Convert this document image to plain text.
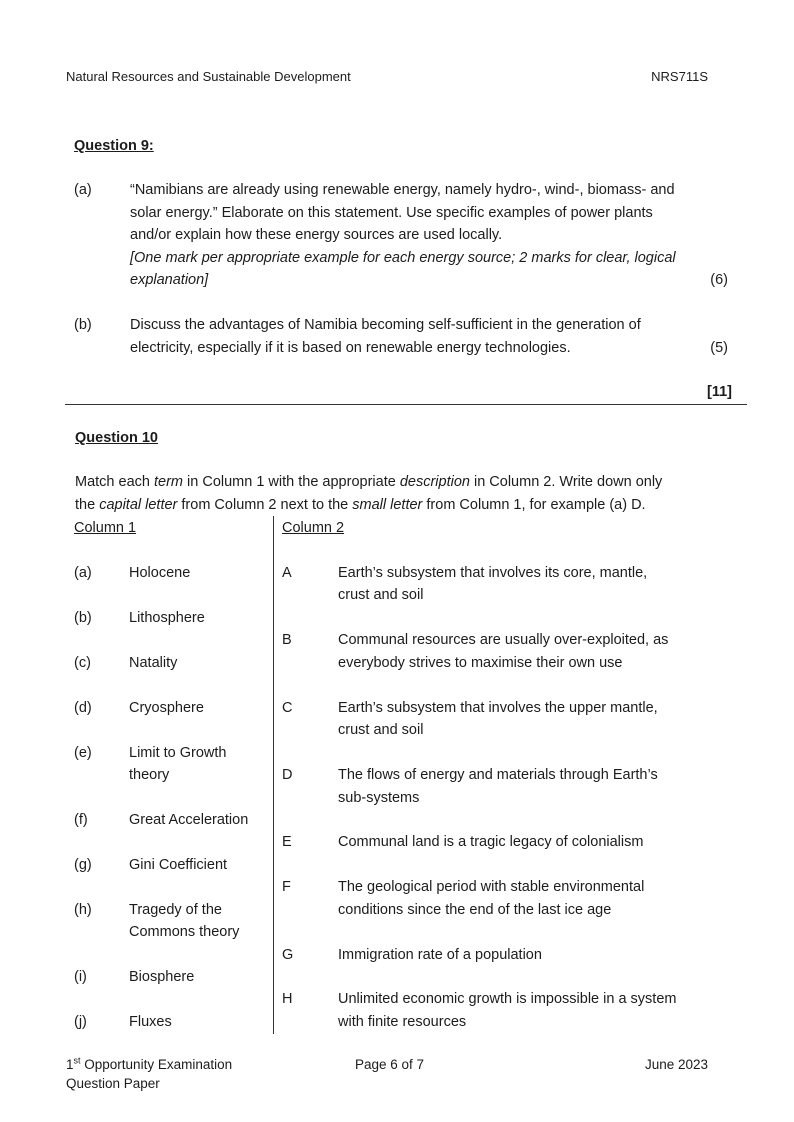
Natural Resources and Sustainable Development	NRS711S
Question 9:
(a)	“Namibians are already using renewable energy, namely hydro-, wind-, biomass- and
solar energy.” Elaborate on this statement. Use specific examples of power plants
and/or explain how these energy sources are used locally.
[One mark per appropriate example for each energy source; 2 marks for clear, logical
explanation]	(6)
(b)	Discuss the advantages of Namibia becoming self-sufficient in the generation of
electricity, especially if it is based on renewable energy technologies.	(5)
[11]
Question 10
Match each term in Column 1 with the appropriate description in Column 2. Write down only
the capital letter from Column 2 next to the small letter from Column 1, for example (a) D.
Column 1	Column 2
(a)	Holocene
(b)	Lithosphere
(c)	Natality
(d)	Cryosphere
(e)	Limit to Growth
theory
(f)	Great Acceleration
(g)	Gini Coefficient
(h)	Tragedy of the
Commons theory
(i)	Biosphere
(j)	Fluxes
A	Earth’s subsystem that involves its core, mantle,
crust and soil
B	Communal resources are usually over-exploited, as
everybody strives to maximise their own use
C	Earth’s subsystem that involves the upper mantle,
crust and soil
D	The flows of energy and materials through Earth’s
sub-systems
E	Communal land is a tragic legacy of colonialism
F	The geological period with stable environmental
conditions since the end of the last ice age
G	Immigration rate of a population
H	Unlimited economic growth is impossible in a system
with finite resources
1st Opportunity Examination
Question Paper
Page 6 of 7	June 2023
